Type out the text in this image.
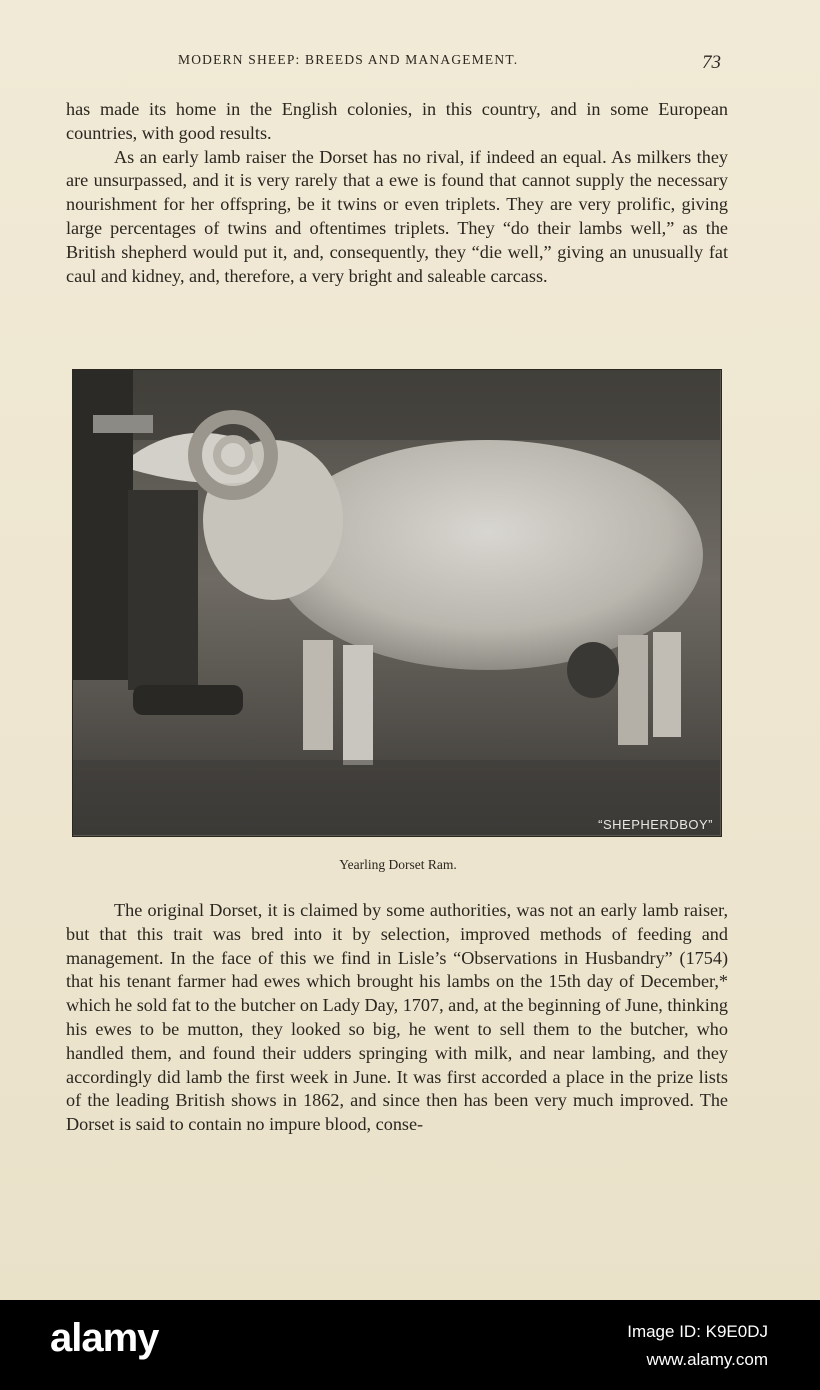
MODERN SHEEP: BREEDS AND MANAGEMENT.	73

has made its home in the English colonies, in this country, and in some European countries, with good results.

As an early lamb raiser the Dorset has no rival, if indeed an equal. As milkers they are unsurpassed, and it is very rarely that a ewe is found that cannot supply the necessary nourishment for her offspring, be it twins or even triplets. They are very prolific, giving large percentages of twins and oftentimes triplets. They “do their lambs well,” as the British shepherd would put it, and, consequently, they “die well,” giving an unusually fat caul and kidney, and, therefore, a very bright and saleable carcass.

“SHEPHERDBOY”
Yearling Dorset Ram.

The original Dorset, it is claimed by some authorities, was not an early lamb raiser, but that this trait was bred into it by selection, improved methods of feeding and management. In the face of this we find in Lisle’s “Observations in Husbandry” (1754) that his tenant farmer had ewes which brought his lambs on the 15th day of December,* which he sold fat to the butcher on Lady Day, 1707, and, at the beginning of June, thinking his ewes to be mutton, they looked so big, he went to sell them to the butcher, who handled them, and found their udders springing with milk, and near lambing, and they accordingly did lamb the first week in June. It was first accorded a place in the prize lists of the leading British shows in 1862, and since then has been very much improved. The Dorset is said to contain no impure blood, conse-

alamy	Image ID: K9E0DJ
www.alamy.com
